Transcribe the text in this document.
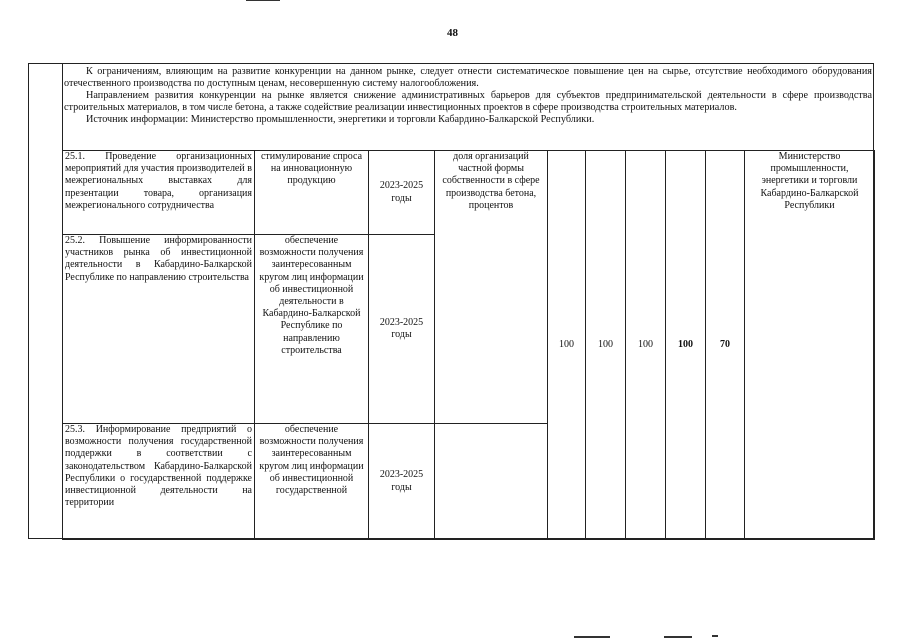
48

К ограничениям, влияющим на развитие конкуренции на данном рынке, следует отнести систематическое повышение цен на сырье, отсутствие необходимого оборудования отечественного производства по доступным ценам, несовершенную систему налогообложения.

Направлением развития конкуренции на рынке является снижение административных барьеров для субъектов предпринимательской деятельности в сфере производства строительных материалов, в том числе бетона, а также содействие реализации инвестиционных проектов в сфере производства строительных материалов.

Источник информации: Министерство промышленности, энергетики и торговли Кабардино-Балкарской Республики.

25.1. Проведение организационных мероприятий для участия производителей в межрегиональных выставках для презентации товара, организация межрегионального сотрудничества	стимулирование спроса на инновационную продукцию	2023-2025 годы	доля организаций частной формы собственности в сфере производства бетона, процентов	100	100	100	100	70	Министерство промышленности, энергетики и торговли Кабардино-Балкарской Республики
25.2. Повышение информированности участников рынка об инвестиционной деятельности в Кабардино-Балкарской Республике по направлению строительства	обеспечение возможности получения заинтересованным кругом лиц информации об инвестиционной деятельности в Кабардино-Балкарской Республике по направлению строительства	2023-2025 годы							
25.3. Информирование предприятий о возможности получения государственной поддержки в соответствии с законодательством Кабардино-Балкарской Республики о государственной поддержке инвестиционной деятельности на территории	обеспечение возможности получения заинтересованным кругом лиц информации об инвестиционной государственной	2023-2025 годы							
